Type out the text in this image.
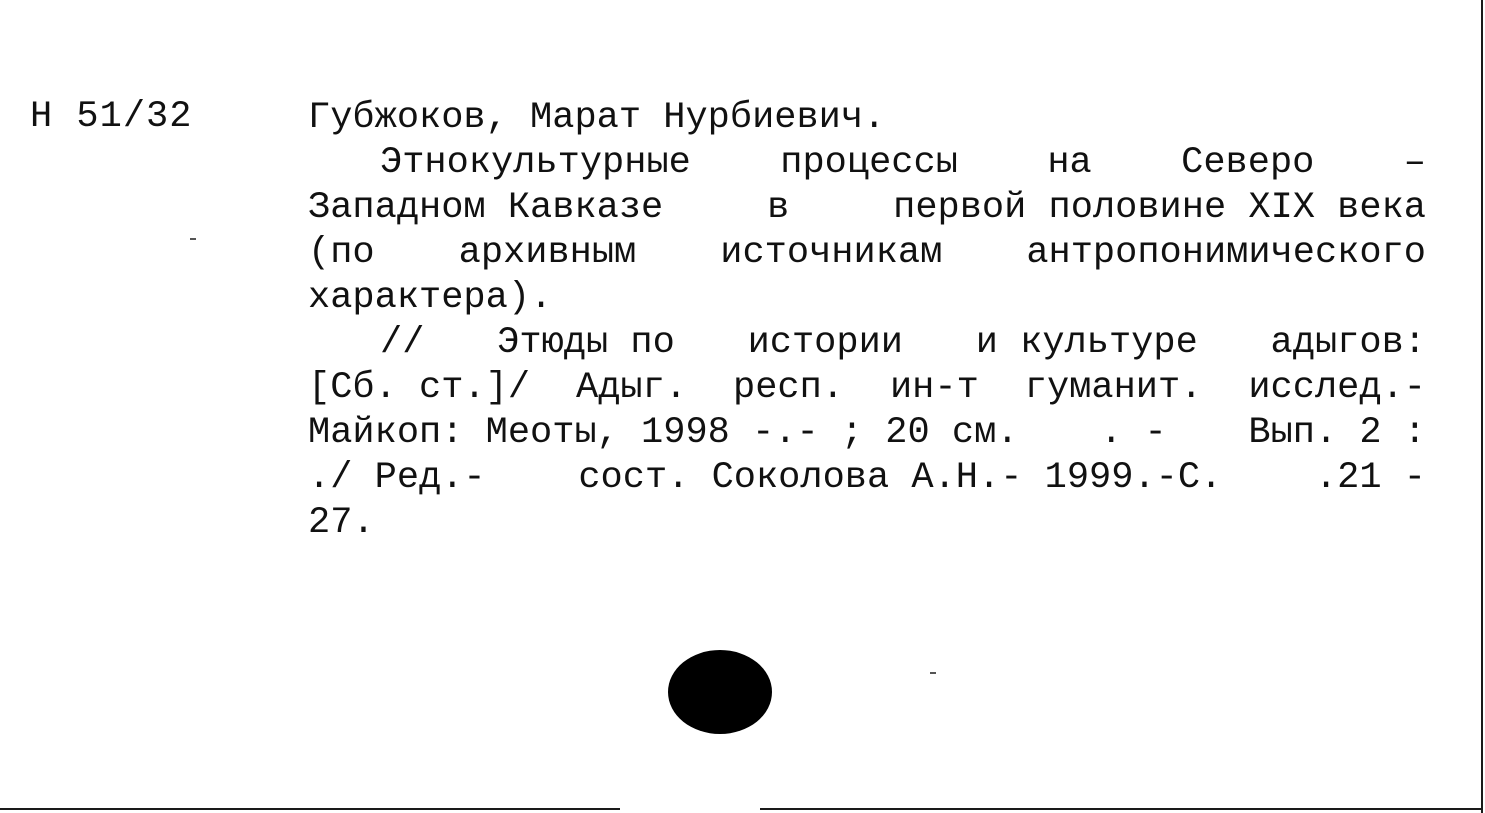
Н 51/32	Губжоков, Марат Нурбиевич.
Этнокультурные процессы на Северо –
Западном Кавказе	в	первой половине XIX века
(по архивным источникам антропонимического
характера).
// Этюды по истории и культуре адыгов:
[Сб. ст.]/ Адыг. респ. ин-т гуманит. исслед.-
Майкоп: Меоты, 1998 -.- ; 20 см. . - Вып. 2 :
./ Ред.-	сост. Соколова А.Н.- 1999.-С.	.21 -
27.
